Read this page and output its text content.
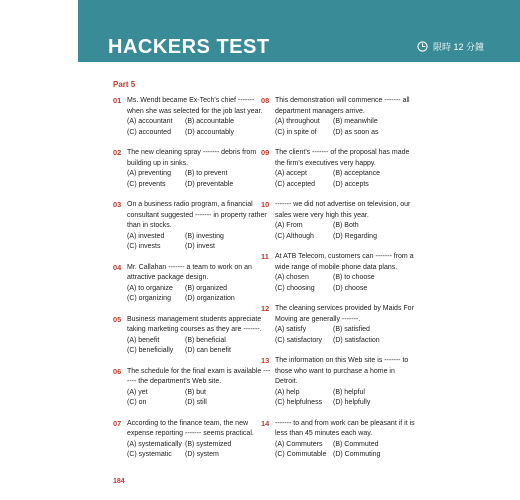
HACKERS TEST	限時 12 分鐘
Part 5
01 Ms. Wendt became Ex-Tech's chief ------- when she was selected for the job last year.
(A) accountant	(B) accountable
(C) accounted	(D) accountably
02 The new cleaning spray ------- debris from building up in sinks.
(A) preventing	(B) to prevent
(C) prevents	(D) preventable
03 On a business radio program, a financial consultant suggested ------- in property rather than in stocks.
(A) invested	(B) investing
(C) invests	(D) invest
04 Mr. Callahan ------- a team to work on an attractive package design.
(A) to organize	(B) organized
(C) organizing	(D) organization
05 Business management students appreciate taking marketing courses as they are -------.
(A) benefit	(B) beneficial
(C) beneficially	(D) can benefit
06 The schedule for the final exam is available ------- the department's Web site.
(A) yet	(B) but
(C) on	(D) still
07 According to the finance team, the new expense reporting ------- seems practical.
(A) systematically (B) systemized
(C) systematic	(D) system
08 This demonstration will commence ------- all department managers arrive.
(A) throughout	(B) meanwhile
(C) in spite of	(D) as soon as
09 The client's ------- of the proposal has made the firm's executives very happy.
(A) accept	(B) acceptance
(C) accepted	(D) accepts
10 ------- we did not advertise on television, our sales were very high this year.
(A) From	(B) Both
(C) Although	(D) Regarding
11 At ATB Telecom, customers can ------- from a wide range of mobile phone data plans.
(A) chosen	(B) to choose
(C) choosing	(D) choose
12 The cleaning services provided by Maids For Moving are generally -------.
(A) satisfy	(B) satisfied
(C) satisfactory	(D) satisfaction
13 The information on this Web site is ------- to those who want to purchase a home in Detroit.
(A) help	(B) helpful
(C) helpfulness	(D) helpfully
14 ------- to and from work can be pleasant if it is less than 45 minutes each way.
(A) Commuters	(B) Commuted
(C) Commutable (D) Commuting
184
